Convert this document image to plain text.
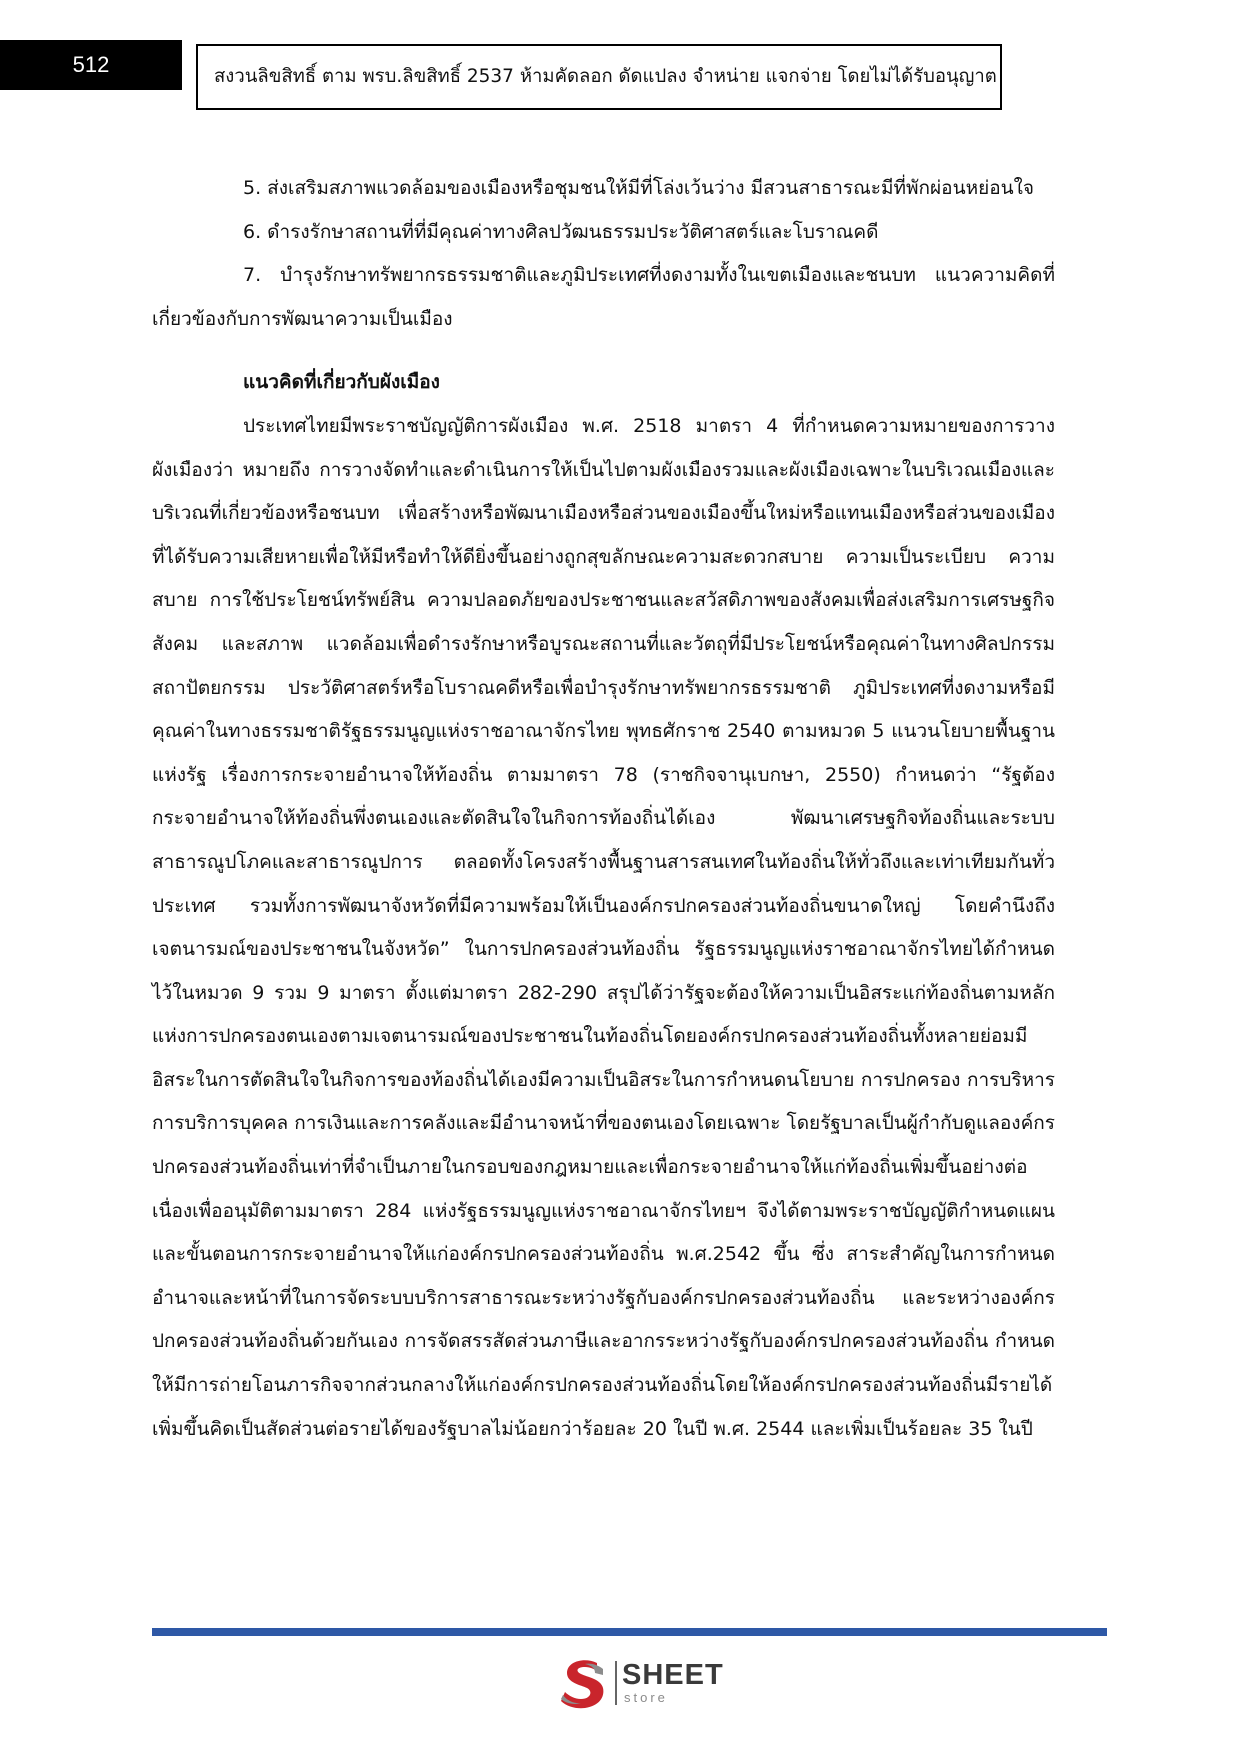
512	สงวนลิขสิทธิ์ ตาม พรบ.ลิขสิทธิ์ 2537 ห้ามคัดลอก ดัดแปลง จำหน่าย แจกจ่าย โดยไม่ได้รับอนุญาต

5. ส่งเสริมสภาพแวดล้อมของเมืองหรือชุมชนให้มีที่โล่งเว้นว่าง มีสวนสาธารณะมีที่พักผ่อนหย่อนใจ

6. ดำรงรักษาสถานที่ที่มีคุณค่าทางศิลปวัฒนธรรมประวัติศาสตร์และโบราณคดี

7. บำรุงรักษาทรัพยากรธรรมชาติและภูมิประเทศที่งดงามทั้งในเขตเมืองและชนบท แนวความคิดที่เกี่ยวข้องกับการพัฒนาความเป็นเมือง

แนวคิดที่เกี่ยวกับผังเมือง

ประเทศไทยมีพระราชบัญญัติการผังเมือง พ.ศ. 2518 มาตรา 4 ที่กำหนดความหมายของการวางผังเมืองว่า หมายถึง การวางจัดทำและดำเนินการให้เป็นไปตามผังเมืองรวมและผังเมืองเฉพาะในบริเวณเมืองและบริเวณที่เกี่ยวข้องหรือชนบท เพื่อสร้างหรือพัฒนาเมืองหรือส่วนของเมืองขึ้นใหม่หรือแทนเมืองหรือส่วนของเมืองที่ได้รับความเสียหายเพื่อให้มีหรือทำให้ดียิ่งขึ้นอย่างถูกสุขลักษณะความสะดวกสบาย ความเป็นระเบียบ ความสบาย การใช้ประโยชน์ทรัพย์สิน ความปลอดภัยของประชาชนและสวัสดิภาพของสังคมเพื่อส่งเสริมการเศรษฐกิจ สังคม และสภาพ แวดล้อมเพื่อดำรงรักษาหรือบูรณะสถานที่และวัตถุที่มีประโยชน์หรือคุณค่าในทางศิลปกรรม สถาปัตยกรรม ประวัติศาสตร์หรือโบราณคดีหรือเพื่อบำรุงรักษาทรัพยากรธรรมชาติ ภูมิประเทศที่งดงามหรือมีคุณค่าในทางธรรมชาติรัฐธรรมนูญแห่งราชอาณาจักรไทย พุทธศักราช 2540 ตามหมวด 5 แนวนโยบายพื้นฐานแห่งรัฐ เรื่องการกระจายอำนาจให้ท้องถิ่น ตามมาตรา 78 (ราชกิจจานุเบกษา, 2550) กำหนดว่า “รัฐต้องกระจายอำนาจให้ท้องถิ่นพึ่งตนเองและตัดสินใจในกิจการท้องถิ่นได้เอง พัฒนาเศรษฐกิจท้องถิ่นและระบบสาธารณูปโภคและสาธารณูปการ ตลอดทั้งโครงสร้างพื้นฐานสารสนเทศในท้องถิ่นให้ทั่วถึงและเท่าเทียมกันทั่วประเทศ รวมทั้งการพัฒนาจังหวัดที่มีความพร้อมให้เป็นองค์กรปกครองส่วนท้องถิ่นขนาดใหญ่ โดยคำนึงถึงเจตนารมณ์ของประชาชนในจังหวัด” ในการปกครองส่วนท้องถิ่น รัฐธรรมนูญแห่งราชอาณาจักรไทยได้กำหนดไว้ในหมวด 9 รวม 9 มาตรา ตั้งแต่มาตรา 282-290 สรุปได้ว่ารัฐจะต้องให้ความเป็นอิสระแก่ท้องถิ่นตามหลักแห่งการปกครองตนเองตามเจตนารมณ์ของประชาชนในท้องถิ่นโดยองค์กรปกครองส่วนท้องถิ่นทั้งหลายย่อมมีอิสระในการตัดสินใจในกิจการของท้องถิ่นได้เองมีความเป็นอิสระในการกำหนดนโยบาย การปกครอง การบริหาร การบริการบุคคล การเงินและการคลังและมีอำนาจหน้าที่ของตนเองโดยเฉพาะ โดยรัฐบาลเป็นผู้กำกับดูแลองค์กรปกครองส่วนท้องถิ่นเท่าที่จำเป็นภายในกรอบของกฎหมายและเพื่อกระจายอำนาจให้แก่ท้องถิ่นเพิ่มขึ้นอย่างต่อเนื่องเพื่ออนุมัติตามมาตรา 284 แห่งรัฐธรรมนูญแห่งราชอาณาจักรไทยฯ จึงได้ตามพระราชบัญญัติกำหนดแผนและขั้นตอนการกระจายอำนาจให้แก่องค์กรปกครองส่วนท้องถิ่น พ.ศ.2542 ขึ้น ซึ่ง สาระสำคัญในการกำหนดอำนาจและหน้าที่ในการจัดระบบบริการสาธารณะระหว่างรัฐกับองค์กรปกครองส่วนท้องถิ่น และระหว่างองค์กรปกครองส่วนท้องถิ่นด้วยกันเอง การจัดสรรสัดส่วนภาษีและอากรระหว่างรัฐกับองค์กรปกครองส่วนท้องถิ่น กำหนดให้มีการถ่ายโอนภารกิจจากส่วนกลางให้แก่องค์กรปกครองส่วนท้องถิ่นโดยให้องค์กรปกครองส่วนท้องถิ่นมีรายได้เพิ่มขึ้นคิดเป็นสัดส่วนต่อรายได้ของรัฐบาลไม่น้อยกว่าร้อยละ 20 ในปี พ.ศ. 2544 และเพิ่มเป็นร้อยละ 35 ในปี

SHEET
store
